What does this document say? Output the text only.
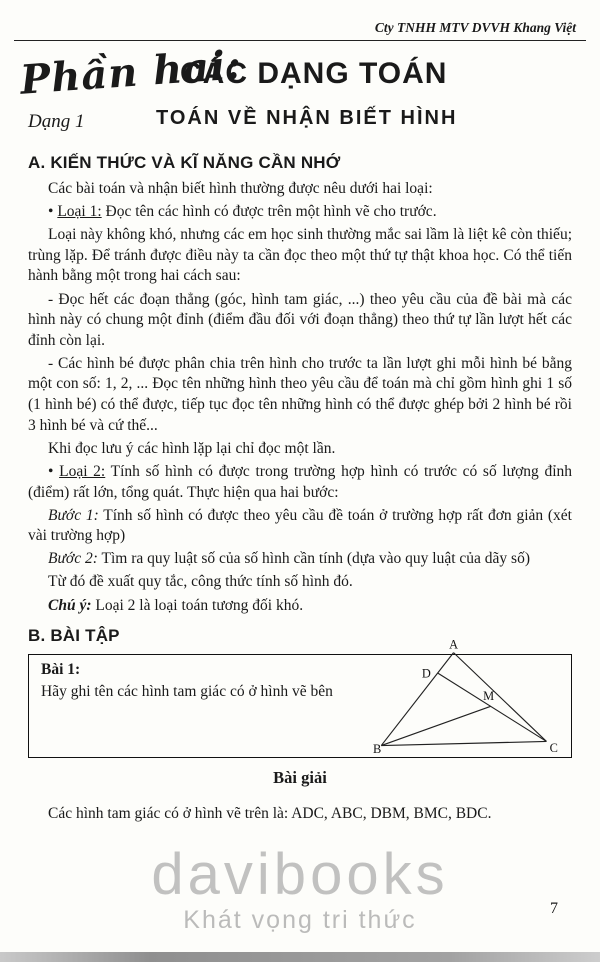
Cty TNHH MTV DVVH Khang Việt
Phần hai:
CÁC DẠNG TOÁN
Dạng 1	TOÁN VỀ NHẬN BIẾT HÌNH
A. KIẾN THỨC VÀ KĨ NĂNG CẦN NHỚ

Các bài toán và nhận biết hình thường được nêu dưới hai loại:

• Loại 1: Đọc tên các hình có được trên một hình vẽ cho trước.

Loại này không khó, nhưng các em học sinh thường mắc sai lầm là liệt kê còn thiếu; trùng lặp. Để tránh được điều này ta cần đọc theo một thứ tự thật khoa học. Có thể tiến hành bằng một trong hai cách sau:

- Đọc hết các đoạn thẳng (góc, hình tam giác, ...) theo yêu cầu của đề bài mà các hình này có chung một đỉnh (điểm đầu đối với đoạn thẳng) theo thứ tự lần lượt hết các đỉnh còn lại.

- Các hình bé được phân chia trên hình cho trước ta lần lượt ghi mỗi hình bé bằng một con số: 1, 2, ... Đọc tên những hình theo yêu cầu để toán mà chỉ gồm hình ghi 1 số (1 hình bé) có thể được, tiếp tục đọc tên những hình có thể được ghép bởi 2 hình bé rồi 3 hình bé và cứ thế...

Khi đọc lưu ý các hình lặp lại chỉ đọc một lần.

• Loại 2: Tính số hình có được trong trường hợp hình có trước có số lượng đỉnh (điểm) rất lớn, tổng quát. Thực hiện qua hai bước:

Bước 1: Tính số hình có được theo yêu cầu đề toán ở trường hợp rất đơn giản (xét vài trường hợp)

Bước 2: Tìm ra quy luật số của số hình cần tính (dựa vào quy luật của dãy số)

Từ đó đề xuất quy tắc, công thức tính số hình đó.

Chú ý: Loại 2 là loại toán tương đối khó.

B. BÀI TẬP
Bài 1:
Hãy ghi tên các hình tam giác có ở hình vẽ bên
A
D
M
B	C
Bài giải

Các hình tam giác có ở hình vẽ trên là: ADC, ABC, DBM, BMC, BDC.

davibooks
Khát vọng tri thức	7
